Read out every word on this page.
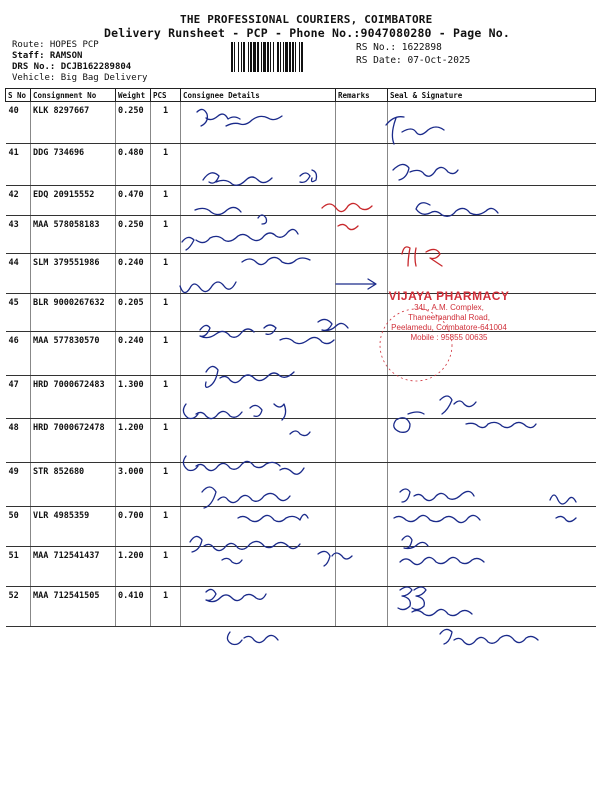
THE PROFESSIONAL COURIERS, COIMBATORE
Delivery Runsheet - PCP - Phone No.:9047080280 - Page No.
Route: HOPES PCP
Staff: RAMSON
DRS No.: DCJB162289804
Vehicle: Big Bag Delivery
RS No.: 1622898
RS Date: 07-Oct-2025
S No	Consignment No	Weight	PCS	Consignee Details	Remarks	Seal & Signature
40	KLK 8297667	0.250	1			
41	DDG 734696	0.480	1			
42	EDQ 20915552	0.470	1			
43	MAA 578058183	0.250	1			
44	SLM 379551986	0.240	1			
45	BLR 9000267632	0.205	1			
46	MAA 577830570	0.240	1			
47	HRD 7000672483	1.300	1			
48	HRD 7000672478	1.200	1			
49	STR 852680	3.000	1			
50	VLR 4985359	0.700	1			
51	MAA 712541437	1.200	1			
52	MAA 712541505	0.410	1			
VIJAYA PHARMACY
34L, A.M. Complex,
Thaneerpandhal Road,
Peelamedu, Coimbatore-641004
Mobile : 95855 00635
